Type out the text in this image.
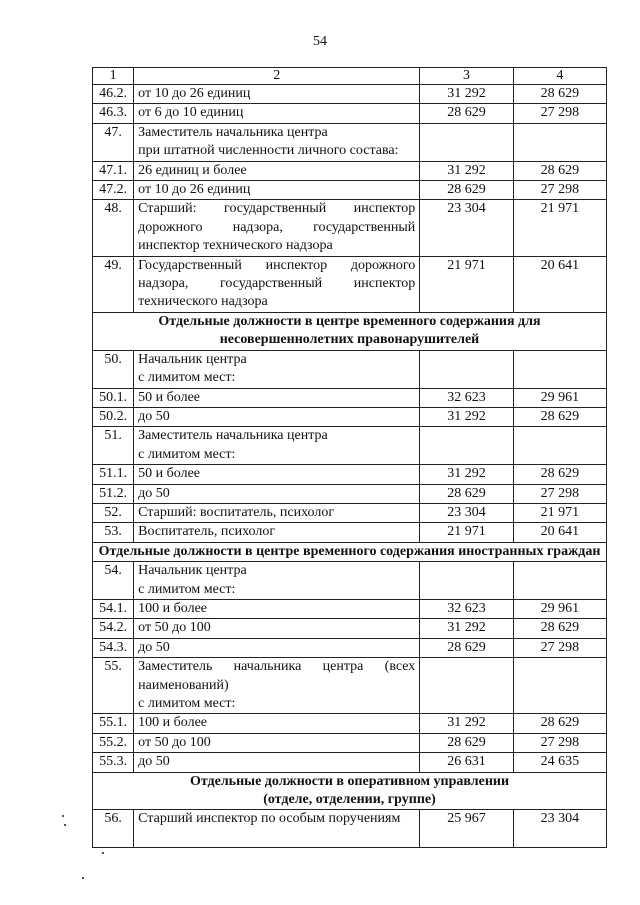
54
1	2	3	4
46.2.	от 10 до 26 единиц	31 292	28 629
46.3.	от 6 до 10 единиц	28 629	27 298
47.	Заместитель начальника центра
при штатной численности личного состава:		

47.1.	26 единиц и более	31 292	28 629
47.2.	от 10 до 26 единиц	28 629	27 298
48.	Старший: государственный инспектор дорожного надзора, государственный инспектор технического надзора	23 304	21 971
49.	Государственный инспектор дорожного надзора, государственный инспектор технического надзора	21 971	20 641
Отдельные должности в центре временного содержания для несовершеннолетних правонарушителей			
50.	Начальник центра
с лимитом мест:		

50.1.	50 и более	32 623	29 961
50.2.	до 50	31 292	28 629
51.	Заместитель начальника центра
с лимитом мест:		

51.1.	50 и более	31 292	28 629
51.2.	до 50	28 629	27 298
52.	Старший: воспитатель, психолог	23 304	21 971
53.	Воспитатель, психолог	21 971	20 641
Отдельные должности в центре временного содержания иностранных граждан			
54.	Начальник центра
с лимитом мест:		

54.1.	100 и более	32 623	29 961
54.2.	от 50 до 100	31 292	28 629
54.3.	до 50	28 629	27 298
55.	Заместитель начальника центра (всех наименований)
с лимитом мест:		

55.1.	100 и более	31 292	28 629
55.2.	от 50 до 100	28 629	27 298
55.3.	до 50	26 631	24 635

Отдельные должности в оперативном управлении
(отделе, отделении, группе)			

56.	Старший инспектор по особым поручениям	25 967	23 304
